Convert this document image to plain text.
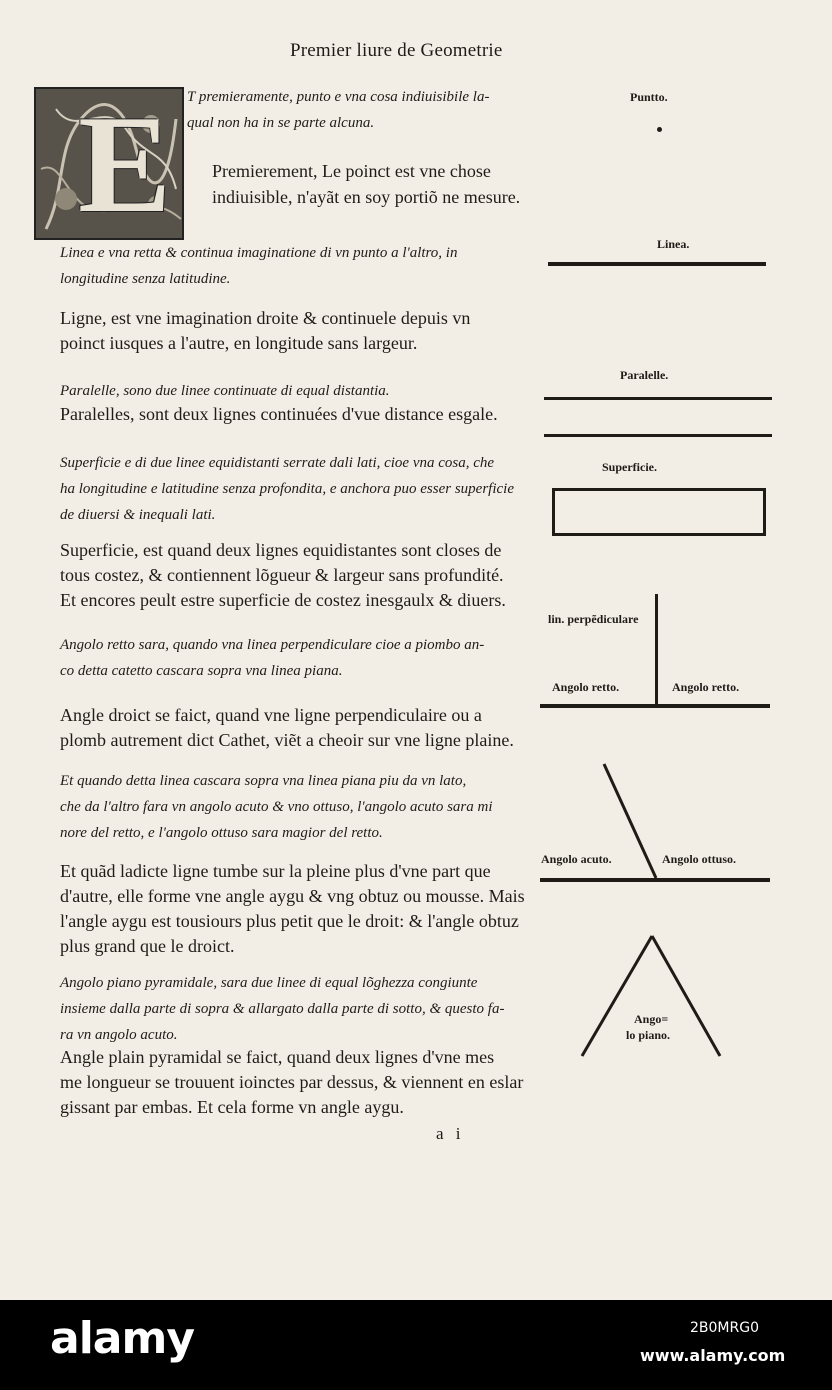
Premier liure de Geometrie
E T premieramente, punto e vna cosa indiuisibile la-
qual non ha in se parte alcuna.

Premierement, Le poinct est vne chose
indiuisible, n'ayãt en soy portiõ ne mesure.

Linea e vna retta & continua imaginatione di vn punto a l'altro, in
longitudine senza latitudine.

Ligne, est vne imagination droite & continuele depuis vn
poinct iusques a l'autre, en longitude sans largeur.

Paralelle, sono due linee continuate di equal distantia.

Paralelles, sont deux lignes continuées d'vue distance esgale.

Superficie e di due linee equidistanti serrate dali lati, cioe vna cosa, che
ha longitudine e latitudine senza profondita, e anchora puo esser superficie
de diuersi & inequali lati.

Superficie, est quand deux lignes equidistantes sont closes de
tous costez, & contiennent lõgueur & largeur sans profundité.
Et encores peult estre superficie de costez inesgaulx & diuers.

Angolo retto sara, quando vna linea perpendiculare cioe a piombo an-
co detta catetto cascara sopra vna linea piana.

Angle droict se faict, quand vne ligne perpendiculaire ou a
plomb autrement dict Cathet, viẽt a cheoir sur vne ligne plaine.

Et quando detta linea cascara sopra vna linea piana piu da vn lato,
che da l'altro fara vn angolo acuto & vno ottuso, l'angolo acuto sara mi
nore del retto, e l'angolo ottuso sara magior del retto.

Et quãd ladicte ligne tumbe sur la pleine plus d'vne part que
d'autre, elle forme vne angle aygu & vng obtuz ou mousse. Mais
l'angle aygu est tousiours plus petit que le droit: & l'angle obtuz
plus grand que le droict.

Angolo piano pyramidale, sara due linee di equal lõghezza congiunte
insieme dalla parte di sopra & allargato dalla parte di sotto, & questo fa-
ra vn angolo acuto.

Angle plain pyramidal se faict, quand deux lignes d'vne mes
me longueur se trouuent ioinctes par dessus, & viennent en eslar
gissant par embas. Et cela forme vn angle aygu.

a i
Puntto.
Linea.
Paralelle.
Superficie.
lin. perpẽdiculare
Angolo retto.	Angolo retto.
Angolo acuto.	Angolo ottuso.
Ango=
lo piano.
alamy	2B0MRG0
www.alamy.com
